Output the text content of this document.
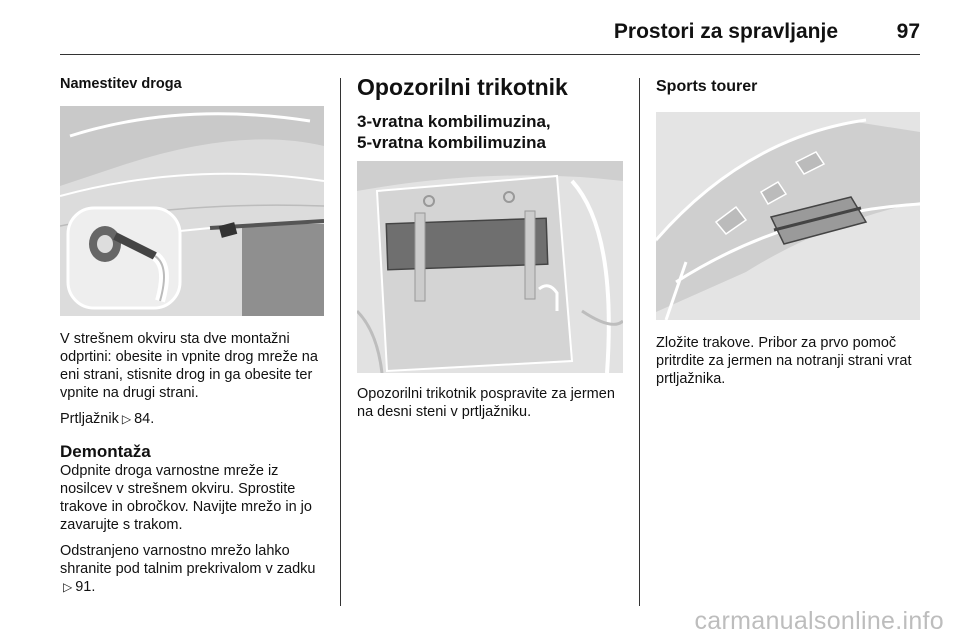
Prostori za spravljanje	97
Namestitev droga

V strešnem okviru sta dve montažni odprtini: obesite in vpnite drog mreže na eni strani, stisnite drog in ga obesite ter vpnite na drugi strani.

Prtljažnik ▷ 84.

Demontaža

Odpnite droga varnostne mreže iz nosilcev v strešnem okviru. Sprostite trakove in obročkov. Navijte mrežo in jo zavarujte s trakom.

Odstranjeno varnostno mrežo lahko shranite pod talnim prekrivalom v zadku▷ 91.

Opozorilni trikotnik
3-vratna kombilimuzina,
5-vratna kombilimuzina

Opozorilni trikotnik pospravite za jermen na desni steni v prtljažniku.

Sports tourer

Zložite trakove. Pribor za prvo pomoč pritrdite za jermen na notranji strani vrat prtljažnika.

carmanualsonline.info
